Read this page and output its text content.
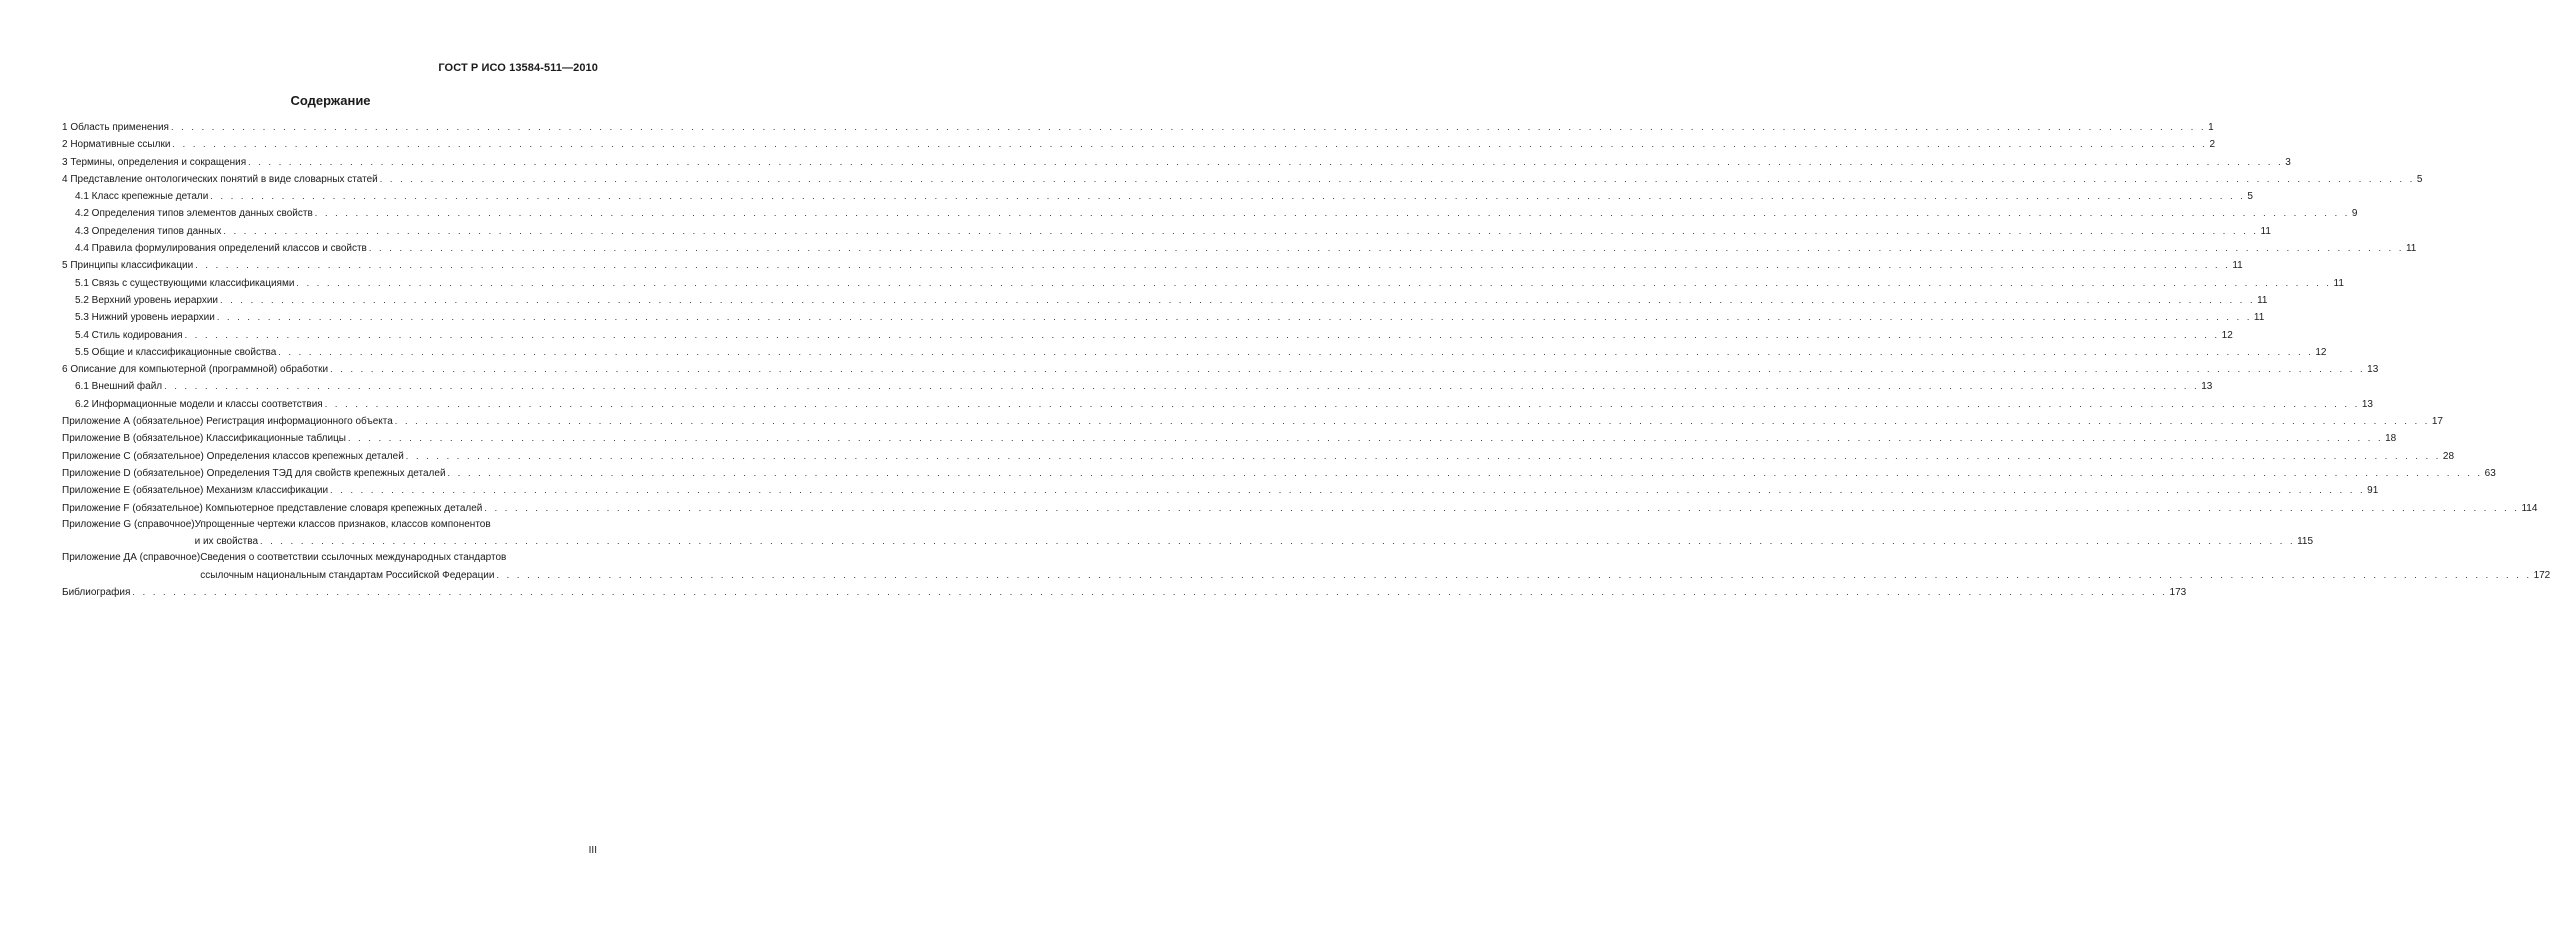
ГОСТ Р ИСО 13584-511—2010
Содержание
1 Область применения . . . . . . . . . . . . . . . . . . . . . . . . . . . . . . . . . . . . . . . . . . . . . . . . . . . . . . . . . . . . . . . . . . . . . . . . . . . . . . . . . . . . . . . . . . . . . . . . . . . . . . . . . . . . . . . . . . . . . . . . . . . . . . . . . . . . . . . . . . . . . . . . . . . . . . . . . . . . . . . . . . . . . . . . . . . . . . . . . . . . . . . . . . . . . . . . . . . . . . . . 1
2 Нормативные ссылки . . . . . . . . . . . . . . . . . . . . . . . . . . . . . . . . . . . . . . . . . . . . . . . . . . . . . . . . . . . . . . . . . . . . . . . . . . . . . . . . . . . . . . . . . . . . . . . . . . . . . . . . . . . . . . . . . . . . . . . . . . . . . . . . . . . . . . . . . . . . . . . . . . . . . . . . . . . . . . . . . . . . . . . . . . . . . . . . . . . . . . . . . . . . . . . . . . . . . . . . 2
3 Термины, определения и сокращения . . . . . . . . . . . . . . . . . . . . . . . . . . . . . . . . . . . . . . . . . . . . . . . . . . . . . . . . . . . . . . . . . . . . . . . . . . . . . . . . . . . . . . . . . . . . . . . . . . . . . . . . . . . . . . . . . . . . . . . . . . . . . . . . . . . . . . . . . . . . . . . . . . . . . . . . . . . . . . . . . . . . . . . . . . . . . . . . . . . . . . . . . . . . . . . . . . . . . . . . 3
4 Представление онтологических понятий в виде словарных статей . . . . . . . . . . . . . . . . . . . . . . . . . . . . . . . . . . . . . . . . . . . . . . . . . . . . . . . . . . . . . . . . . . . . . . . . . . . . . . . . . . . . . . . . . . . . . . . . . . . . . . . . . . . . . . . . . . . . . . . . . . . . . . . . . . . . . . . . . . . . . . . . . . . . . . . . . . . . . . . . . . . . . . . . . . . . . . . . . . . . . . . . . . . . . . . . . . . . . . . . 5
4.1 Класс крепежные детали . . . . . . . . . . . . . . . . . . . . . . . . . . . . . . . . . . . . . . . . . . . . . . . . . . . . . . . . . . . . . . . . . . . . . . . . . . . . . . . . . . . . . . . . . . . . . . . . . . . . . . . . . . . . . . . . . . . . . . . . . . . . . . . . . . . . . . . . . . . . . . . . . . . . . . . . . . . . . . . . . . . . . . . . . . . . . . . . . . . . . . . . . . . . . . . . . . . . . . . . 5
4.2 Определения типов элементов данных свойств . . . . . . . . . . . . . . . . . . . . . . . . . . . . . . . . . . . . . . . . . . . . . . . . . . . . . . . . . . . . . . . . . . . . . . . . . . . . . . . . . . . . . . . . . . . . . . . . . . . . . . . . . . . . . . . . . . . . . . . . . . . . . . . . . . . . . . . . . . . . . . . . . . . . . . . . . . . . . . . . . . . . . . . . . . . . . . . . . . . . . . . . . . . . . . . . . . . . . . . . 9
4.3 Определения типов данных . . . . . . . . . . . . . . . . . . . . . . . . . . . . . . . . . . . . . . . . . . . . . . . . . . . . . . . . . . . . . . . . . . . . . . . . . . . . . . . . . . . . . . . . . . . . . . . . . . . . . . . . . . . . . . . . . . . . . . . . . . . . . . . . . . . . . . . . . . . . . . . . . . . . . . . . . . . . . . . . . . . . . . . . . . . . . . . . . . . . . . . . . . . . . . . . . . . . . . . . 11
4.4 Правила формулирования определений классов и свойств . . . . . . . . . . . . . . . . . . . . . . . . . . . . . . . . . . . . . . . . . . . . . . . . . . . . . . . . . . . . . . . . . . . . . . . . . . . . . . . . . . . . . . . . . . . . . . . . . . . . . . . . . . . . . . . . . . . . . . . . . . . . . . . . . . . . . . . . . . . . . . . . . . . . . . . . . . . . . . . . . . . . . . . . . . . . . . . . . . . . . . . . . . . . . . . . . . . . . . . . 11
5 Принципы классификации . . . . . . . . . . . . . . . . . . . . . . . . . . . . . . . . . . . . . . . . . . . . . . . . . . . . . . . . . . . . . . . . . . . . . . . . . . . . . . . . . . . . . . . . . . . . . . . . . . . . . . . . . . . . . . . . . . . . . . . . . . . . . . . . . . . . . . . . . . . . . . . . . . . . . . . . . . . . . . . . . . . . . . . . . . . . . . . . . . . . . . . . . . . . . . . . . . . . . . . . 11
5.1 Связь с существующими классификациями . . . . . . . . . . . . . . . . . . . . . . . . . . . . . . . . . . . . . . . . . . . . . . . . . . . . . . . . . . . . . . . . . . . . . . . . . . . . . . . . . . . . . . . . . . . . . . . . . . . . . . . . . . . . . . . . . . . . . . . . . . . . . . . . . . . . . . . . . . . . . . . . . . . . . . . . . . . . . . . . . . . . . . . . . . . . . . . . . . . . . . . . . . . . . . . . . . . . . . . . 11
5.2 Верхний уровень иерархии . . . . . . . . . . . . . . . . . . . . . . . . . . . . . . . . . . . . . . . . . . . . . . . . . . . . . . . . . . . . . . . . . . . . . . . . . . . . . . . . . . . . . . . . . . . . . . . . . . . . . . . . . . . . . . . . . . . . . . . . . . . . . . . . . . . . . . . . . . . . . . . . . . . . . . . . . . . . . . . . . . . . . . . . . . . . . . . . . . . . . . . . . . . . . . . . . . . . . . . . 11
5.3 Нижний уровень иерархии . . . . . . . . . . . . . . . . . . . . . . . . . . . . . . . . . . . . . . . . . . . . . . . . . . . . . . . . . . . . . . . . . . . . . . . . . . . . . . . . . . . . . . . . . . . . . . . . . . . . . . . . . . . . . . . . . . . . . . . . . . . . . . . . . . . . . . . . . . . . . . . . . . . . . . . . . . . . . . . . . . . . . . . . . . . . . . . . . . . . . . . . . . . . . . . . . . . . . . . . 11
5.4 Стиль кодирования . . . . . . . . . . . . . . . . . . . . . . . . . . . . . . . . . . . . . . . . . . . . . . . . . . . . . . . . . . . . . . . . . . . . . . . . . . . . . . . . . . . . . . . . . . . . . . . . . . . . . . . . . . . . . . . . . . . . . . . . . . . . . . . . . . . . . . . . . . . . . . . . . . . . . . . . . . . . . . . . . . . . . . . . . . . . . . . . . . . . . . . . . . . . . . . . . . . . . . . . 12
5.5 Общие и классификационные свойства . . . . . . . . . . . . . . . . . . . . . . . . . . . . . . . . . . . . . . . . . . . . . . . . . . . . . . . . . . . . . . . . . . . . . . . . . . . . . . . . . . . . . . . . . . . . . . . . . . . . . . . . . . . . . . . . . . . . . . . . . . . . . . . . . . . . . . . . . . . . . . . . . . . . . . . . . . . . . . . . . . . . . . . . . . . . . . . . . . . . . . . . . . . . . . . . . . . . . . . . 12
6 Описание для компьютерной (программной) обработки . . . . . . . . . . . . . . . . . . . . . . . . . . . . . . . . . . . . . . . . . . . . . . . . . . . . . . . . . . . . . . . . . . . . . . . . . . . . . . . . . . . . . . . . . . . . . . . . . . . . . . . . . . . . . . . . . . . . . . . . . . . . . . . . . . . . . . . . . . . . . . . . . . . . . . . . . . . . . . . . . . . . . . . . . . . . . . . . . . . . . . . . . . . . . . . . . . . . . . . . 13
6.1 Внешний файл . . . . . . . . . . . . . . . . . . . . . . . . . . . . . . . . . . . . . . . . . . . . . . . . . . . . . . . . . . . . . . . . . . . . . . . . . . . . . . . . . . . . . . . . . . . . . . . . . . . . . . . . . . . . . . . . . . . . . . . . . . . . . . . . . . . . . . . . . . . . . . . . . . . . . . . . . . . . . . . . . . . . . . . . . . . . . . . . . . . . . . . . . . . . . . . . . . . . . . . . 13
6.2 Информационные модели и классы соответствия . . . . . . . . . . . . . . . . . . . . . . . . . . . . . . . . . . . . . . . . . . . . . . . . . . . . . . . . . . . . . . . . . . . . . . . . . . . . . . . . . . . . . . . . . . . . . . . . . . . . . . . . . . . . . . . . . . . . . . . . . . . . . . . . . . . . . . . . . . . . . . . . . . . . . . . . . . . . . . . . . . . . . . . . . . . . . . . . . . . . . . . . . . . . . . . . . . . . . . . . 13
Приложение А (обязательное) Регистрация информационного объекта . . . . . . . . . . . . . . . . . . . . . . . . . . . . . . . . . . . . . . . . . . . . . . . . . . . . . . . . . . . . . . . . . . . . . . . . . . . . . . . . . . . . . . . . . . . . . . . . . . . . . . . . . . . . . . . . . . . . . . . . . . . . . . . . . . . . . . . . . . . . . . . . . . . . . . . . . . . . . . . . . . . . . . . . . . . . . . . . . . . . . . . . . . . . . . . . . . . . . . . . 17
Приложение В (обязательное) Классификационные таблицы . . . . . . . . . . . . . . . . . . . . . . . . . . . . . . . . . . . . . . . . . . . . . . . . . . . . . . . . . . . . . . . . . . . . . . . . . . . . . . . . . . . . . . . . . . . . . . . . . . . . . . . . . . . . . . . . . . . . . . . . . . . . . . . . . . . . . . . . . . . . . . . . . . . . . . . . . . . . . . . . . . . . . . . . . . . . . . . . . . . . . . . . . . . . . . . . . . . . . . . . 18
Приложение С (обязательное) Определения классов крепежных деталей . . . . . . . . . . . . . . . . . . . . . . . . . . . . . . . . . . . . . . . . . . . . . . . . . . . . . . . . . . . . . . . . . . . . . . . . . . . . . . . . . . . . . . . . . . . . . . . . . . . . . . . . . . . . . . . . . . . . . . . . . . . . . . . . . . . . . . . . . . . . . . . . . . . . . . . . . . . . . . . . . . . . . . . . . . . . . . . . . . . . . . . . . . . . . . . . . . . . . . . . 28
Приложение D (обязательное) Определения ТЭД для свойств крепежных деталей . . . . . . . . . . . . . . . . . . . . . . . . . . . . . . . . . . . . . . . . . . . . . . . . . . . . . . . . . . . . . . . . . . . . . . . . . . . . . . . . . . . . . . . . . . . . . . . . . . . . . . . . . . . . . . . . . . . . . . . . . . . . . . . . . . . . . . . . . . . . . . . . . . . . . . . . . . . . . . . . . . . . . . . . . . . . . . . . . . . . . . . . . . . . . . . . . . . . . . . . 63
Приложение Е (обязательное) Механизм классификации . . . . . . . . . . . . . . . . . . . . . . . . . . . . . . . . . . . . . . . . . . . . . . . . . . . . . . . . . . . . . . . . . . . . . . . . . . . . . . . . . . . . . . . . . . . . . . . . . . . . . . . . . . . . . . . . . . . . . . . . . . . . . . . . . . . . . . . . . . . . . . . . . . . . . . . . . . . . . . . . . . . . . . . . . . . . . . . . . . . . . . . . . . . . . . . . . . . . . . . . 91
Приложение F (обязательное) Компьютерное представление словаря крепежных деталей . . . . . . . . . . . . . . . . . . . . . . . . . . . . . . . . . . . . . . . . . . . . . . . . . . . . . . . . . . . . . . . . . . . . . . . . . . . . . . . . . . . . . . . . . . . . . . . . . . . . . . . . . . . . . . . . . . . . . . . . . . . . . . . . . . . . . . . . . . . . . . . . . . . . . . . . . . . . . . . . . . . . . . . . . . . . . . . . . . . . . . . . . . . . . . . . . . . . . . . . 114
Приложение G (справочное) Упрощенные чертежи классов признаков, классов компонентов
и их свойства . . . . . . . . . . . . . . . . . . . . . . . . . . . . . . . . . . . . . . . . . . . . . . . . . . . . . . . . . . . . . . . . . . . . . . . . . . . . . . . . . . . . . . . . . . . . . . . . . . . . . . . . . . . . . . . . . . . . . . . . . . . . . . . . . . . . . . . . . . . . . . . . . . . . . . . . . . . . . . . . . . . . . . . . . . . . . . . . . . . . . . . . . . . . . . . . . . . . . . . . 115
Приложение ДА (справочное) Сведения о соответствии ссылочных международных стандартов
ссылочным национальным стандартам Российской Федерации . . . . . . . . . . . . . . . . . . . . . . . . . . . . . . . . . . . . . . . . . . . . . . . . . . . . . . . . . . . . . . . . . . . . . . . . . . . . . . . . . . . . . . . . . . . . . . . . . . . . . . . . . . . . . . . . . . . . . . . . . . . . . . . . . . . . . . . . . . . . . . . . . . . . . . . . . . . . . . . . . . . . . . . . . . . . . . . . . . . . . . . . . . . . . . . . . . . . . . . . 172
Библиография . . . . . . . . . . . . . . . . . . . . . . . . . . . . . . . . . . . . . . . . . . . . . . . . . . . . . . . . . . . . . . . . . . . . . . . . . . . . . . . . . . . . . . . . . . . . . . . . . . . . . . . . . . . . . . . . . . . . . . . . . . . . . . . . . . . . . . . . . . . . . . . . . . . . . . . . . . . . . . . . . . . . . . . . . . . . . . . . . . . . . . . . . . . . . . . . . . . . . . . . 173
III
